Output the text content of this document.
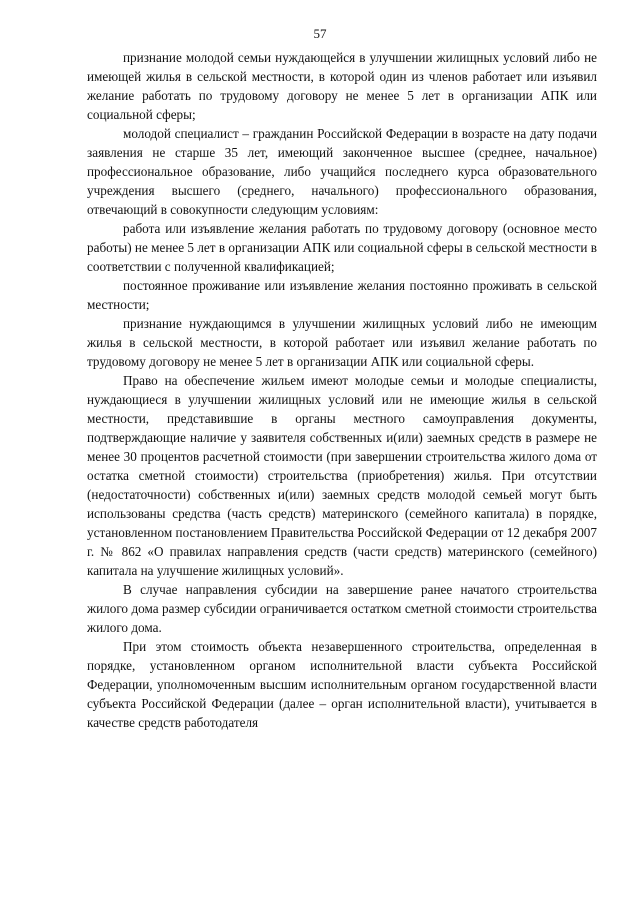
57

признание молодой семьи нуждающейся в улучшении жилищных условий либо не имеющей жилья в сельской местности, в которой один из членов работает или изъявил желание работать по трудовому договору не менее 5 лет в организации АПК или социальной сферы;

молодой специалист – гражданин Российской Федерации в возрасте на дату подачи заявления не старше 35 лет, имеющий законченное высшее (среднее, начальное) профессиональное образование, либо учащийся последнего курса образовательного учреждения высшего (среднего, начального) профессионального образования, отвечающий в совокупности следующим условиям:

работа или изъявление желания работать по трудовому договору (основное место работы) не менее 5 лет в организации АПК или социальной сферы в сельской местности в соответствии с полученной квалификацией;

постоянное проживание или изъявление желания постоянно проживать в сельской местности;

признание нуждающимся в улучшении жилищных условий либо не имеющим жилья в сельской местности, в которой работает или изъявил желание работать по трудовому договору не менее 5 лет в организации АПК или социальной сферы.

Право на обеспечение жильем имеют молодые семьи и молодые специалисты, нуждающиеся в улучшении жилищных условий или не имеющие жилья в сельской местности, представившие в органы местного самоуправления документы, подтверждающие наличие у заявителя собственных и(или) заемных средств в размере не менее 30 процентов расчетной стоимости (при завершении строительства жилого дома от остатка сметной стоимости) строительства (приобретения) жилья. При отсутствии (недостаточности) собственных и(или) заемных средств молодой семьей могут быть использованы средства (часть средств) материнского (семейного капитала) в порядке, установленном постановлением Правительства Российской Федерации от 12 декабря 2007 г. № 862 «О правилах направления средств (части средств) материнского (семейного) капитала на улучшение жилищных условий».

В случае направления субсидии на завершение ранее начатого строительства жилого дома размер субсидии ограничивается остатком сметной стоимости строительства жилого дома.

При этом стоимость объекта незавершенного строительства, определенная в порядке, установленном органом исполнительной власти субъекта Российской Федерации, уполномоченным высшим исполнительным органом государственной власти субъекта Российской Федерации (далее – орган исполнительной власти), учитывается в качестве средств работодателя
